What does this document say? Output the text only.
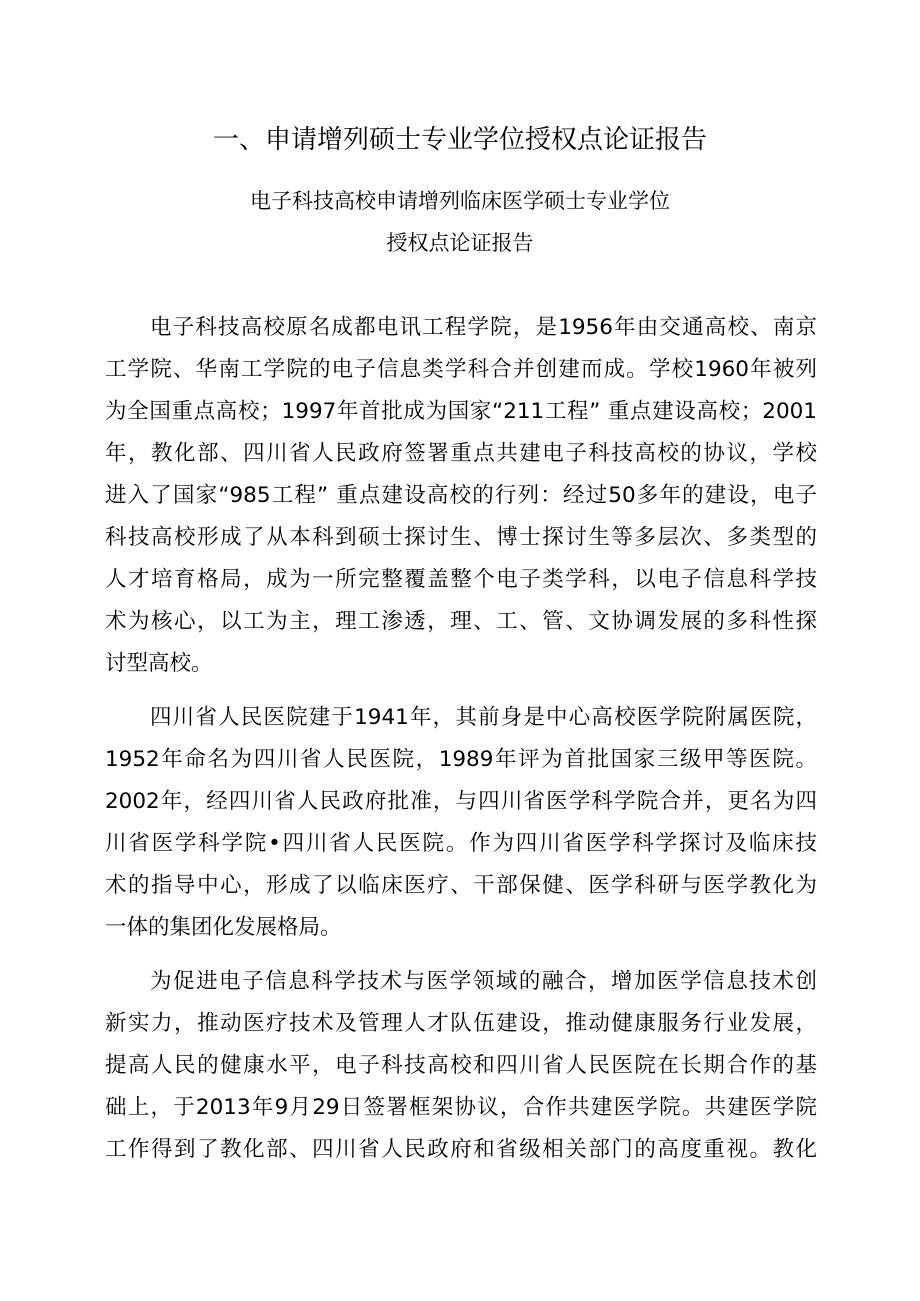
一、申请增列硕士专业学位授权点论证报告
电子科技高校申请增列临床医学硕士专业学位
授权点论证报告
电子科技高校原名成都电讯工程学院，是1956年由交通高校、南京
工学院、华南工学院的电子信息类学科合并创建而成。学校1960年被列
为全国重点高校；1997年首批成为国家“211工程” 重点建设高校；2001
年，教化部、四川省人民政府签署重点共建电子科技高校的协议，学校
进入了国家“985工程” 重点建设高校的行列：经过50多年的建设，电子
科技高校形成了从本科到硕士探讨生、博士探讨生等多层次、多类型的
人才培育格局，成为一所完整覆盖整个电子类学科，以电子信息科学技
术为核心，以工为主，理工渗透，理、工、管、文协调发展的多科性探
讨型高校。
四川省人民医院建于1941年，其前身是中心高校医学院附属医院，
1952年命名为四川省人民医院，1989年评为首批国家三级甲等医院。
2002年，经四川省人民政府批准，与四川省医学科学院合并，更名为四
川省医学科学院•四川省人民医院。作为四川省医学科学探讨及临床技
术的指导中心，形成了以临床医疗、干部保健、医学科研与医学教化为
一体的集团化发展格局。
为促进电子信息科学技术与医学领域的融合，增加医学信息技术创
新实力，推动医疗技术及管理人才队伍建设，推动健康服务行业发展，
提高人民的健康水平，电子科技高校和四川省人民医院在长期合作的基
础上，于2013年9月29日签署框架协议，合作共建医学院。共建医学院
工作得到了教化部、四川省人民政府和省级相关部门的高度重视。教化
